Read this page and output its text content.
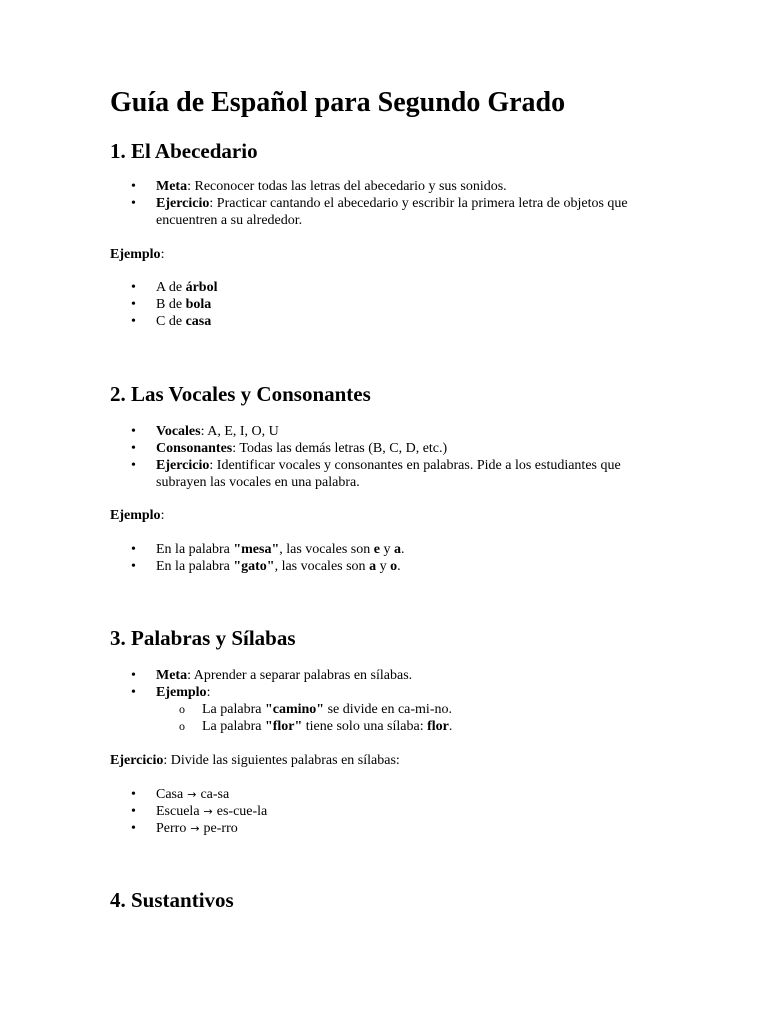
Guía de Español para Segundo Grado
1. El Abecedario
• Meta: Reconocer todas las letras del abecedario y sus sonidos.
• Ejercicio: Practicar cantando el abecedario y escribir la primera letra de objetos que encuentren a su alrededor.

Ejemplo:

• A de árbol
• B de bola
• C de casa
2. Las Vocales y Consonantes
• Vocales: A, E, I, O, U
• Consonantes: Todas las demás letras (B, C, D, etc.)
• Ejercicio: Identificar vocales y consonantes en palabras. Pide a los estudiantes que subrayen las vocales en una palabra.

Ejemplo:

• En la palabra "mesa", las vocales son e y a.
• En la palabra "gato", las vocales son a y o.
3. Palabras y Sílabas
• Meta: Aprender a separar palabras en sílabas.
• Ejemplo:
o La palabra "camino" se divide en ca-mi-no.
o La palabra "flor" tiene solo una sílaba: flor.

Ejercicio: Divide las siguientes palabras en sílabas:

• Casa → ca-sa
• Escuela → es-cue-la
• Perro → pe-rro
4. Sustantivos
